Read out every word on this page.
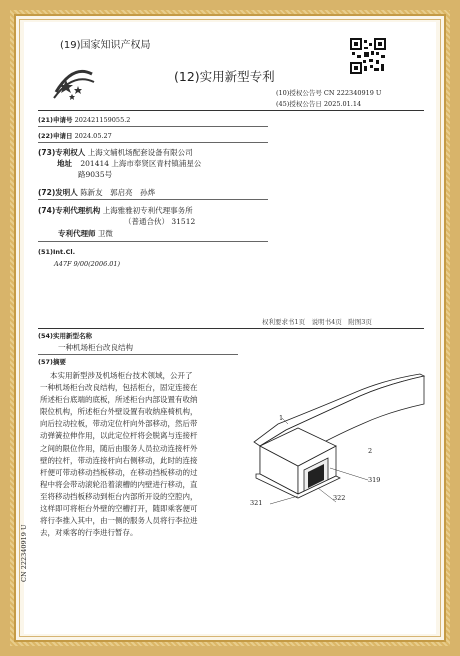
(19)国家知识产权局
(12)实用新型专利
(10)授权公告号 CN 222340919 U
(45)授权公告日 2025.01.14
(21)申请号 202421159055.2
(22)申请日 2024.05.27
(73)专利权人 上海文辅机场配套设备有限公司
地址 201414 上海市奉贤区青村镇浦星公
路9035号
(72)发明人 陈新友　郭启亮　孙烨
(74)专利代理机构 上海雅雅初专利代理事务所
（普通合伙） 31512
专利代理师 卫微
(51)Int.Cl.
A47F 9/00(2006.01)
权利要求书1页　说明书4页　附图3页
(54)实用新型名称
一种机场柜台改良结构
(57)摘要

本实用新型涉及机场柜台技术领域，公开了

一种机场柜台改良结构，包括柜台，固定连接在

所述柜台底端的底板，所述柜台内部设置有收纳

限位机构，所述柜台外壁设置有收纳座椅机构，

向后拉动拉板，带动定位杆向外部移动，然后带

动弹簧拉伸作用，以此定位杆将会脱离与连接杆

之间的限位作用，随后由服务人员拉动连接杆外

壁的拉杆，带动连接杆向右侧移动，此时的连接

杆便可带动移动挡板移动，在移动挡板移动的过

程中将会带动滚轮沿着滚槽的内壁进行移动，直

至将移动挡板移动到柜台内部所开设的空腔内，

这样即可将柜台外壁的空槽打开，随即乘客便可

将行李推入其中，由一侧的服务人员将行李拉进

去，对乘客的行李进行暂存。

1
2
319
322
321
CN 222340919 U
